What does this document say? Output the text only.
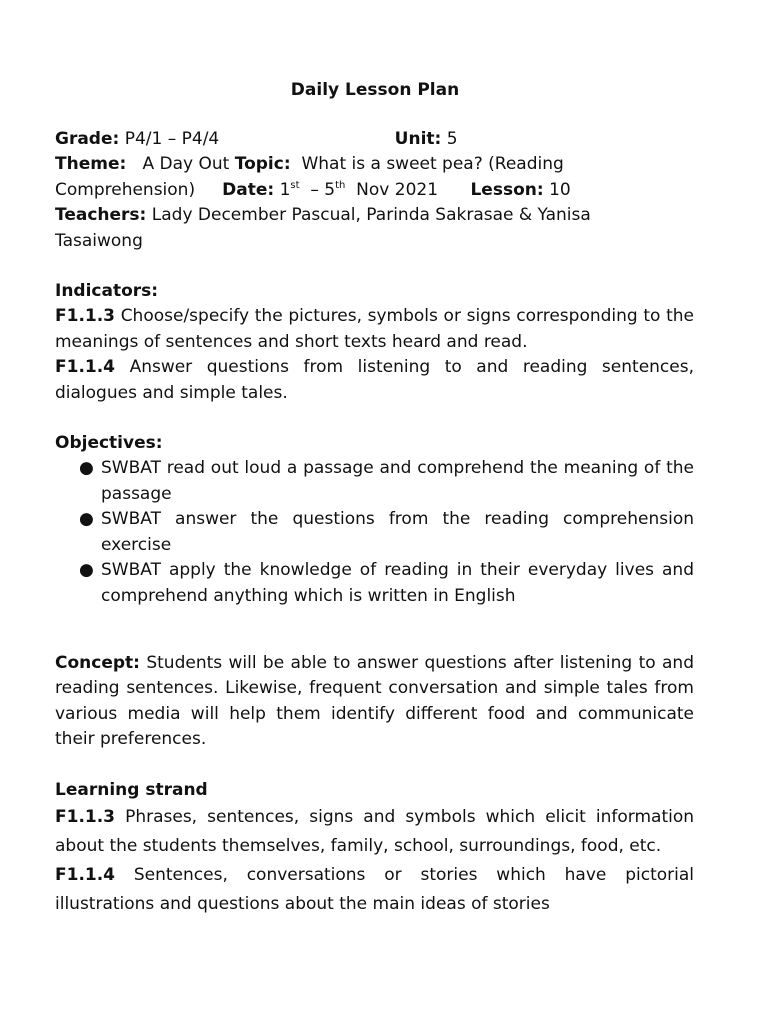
Daily Lesson Plan
Grade: P4/1 – P4/4	Unit: 5
Theme: A Day Out Topic: What is a sweet pea? (Reading
Comprehension) Date: 1st – 5th Nov 2021 Lesson: 10
Teachers: Lady December Pascual, Parinda Sakrasae & Yanisa
Tasaiwong
Indicators:
F1.1.3 Choose/specify the pictures, symbols or signs corresponding to the meanings of sentences and short texts heard and read.
F1.1.4 Answer questions from listening to and reading sentences, dialogues and simple tales.
Objectives:
● SWBAT read out loud a passage and comprehend the meaning of the passage
● SWBAT answer the questions from the reading comprehension exercise
● SWBAT apply the knowledge of reading in their everyday lives and comprehend anything which is written in English
Concept: Students will be able to answer questions after listening to and reading sentences. Likewise, frequent conversation and simple tales from various media will help them identify different food and communicate their preferences.
Learning strand

F1.1.3 Phrases, sentences, signs and symbols which elicit information about the students themselves, family, school, surroundings, food, etc.

F1.1.4 Sentences, conversations or stories which have pictorial illustrations and questions about the main ideas of stories
